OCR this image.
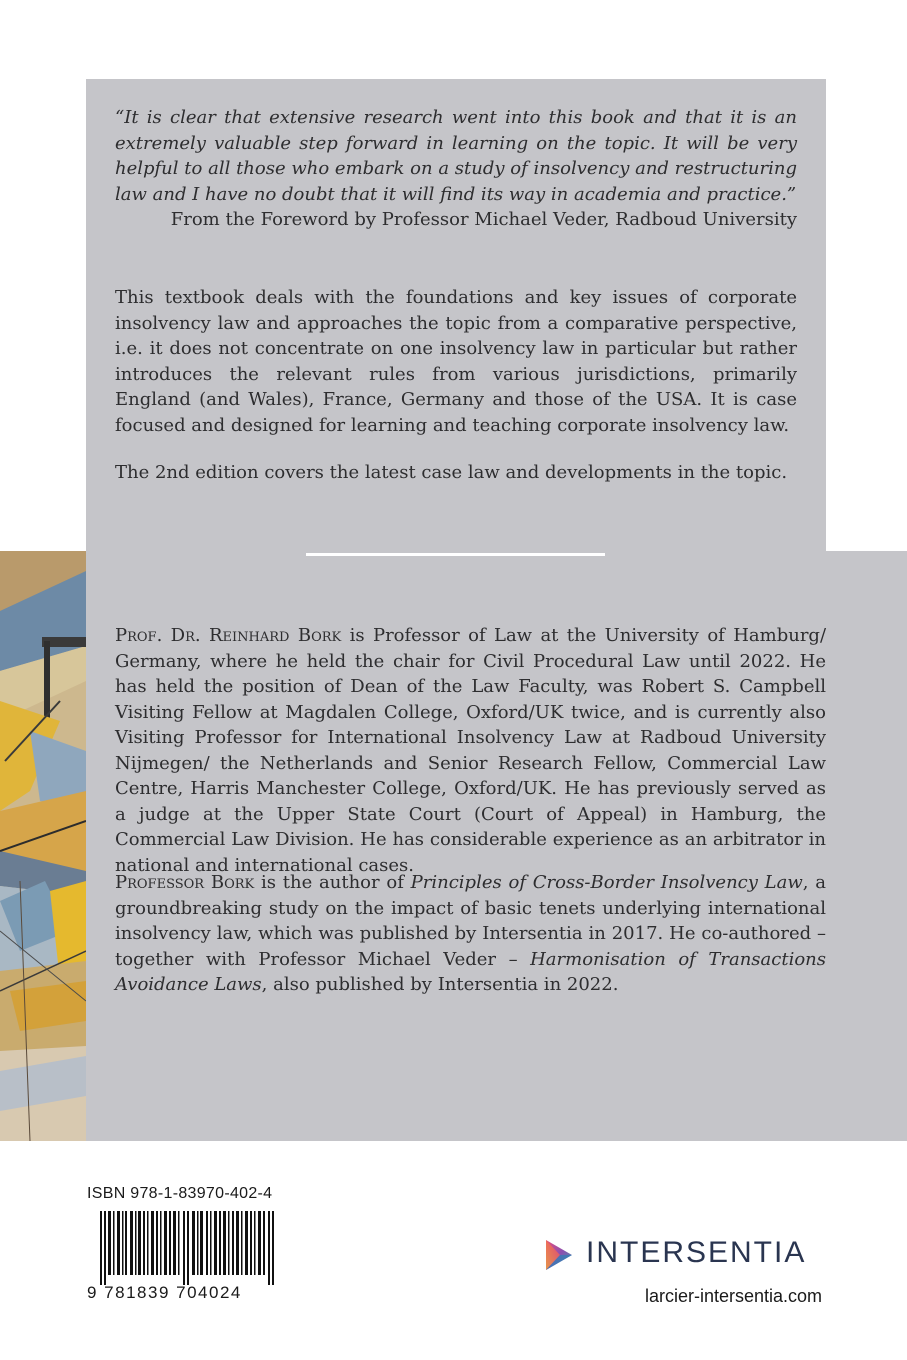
“It is clear that extensive research went into this book and that it is an extremely valuable step forward in learning on the topic. It will be very helpful to all those who embark on a study of insolvency and restructuring law and I have no doubt that it will find its way in academia and practice.”
From the Foreword by Professor Michael Veder, Radboud University
This textbook deals with the foundations and key issues of corporate insolvency law and approaches the topic from a comparative perspective, i.e. it does not concentrate on one insolvency law in particular but rather introduces the relevant rules from various jurisdictions, primarily England (and Wales), France, Germany and those of the USA. It is case focused and designed for learning and teaching corporate insolvency law.
The 2nd edition covers the latest case law and developments in the topic.
Prof. Dr. Reinhard Bork is Professor of Law at the University of Hamburg/ Germany, where he held the chair for Civil Procedural Law until 2022. He has held the position of Dean of the Law Faculty, was Robert S. Campbell Visiting Fellow at Magdalen College, Oxford/UK twice, and is currently also Visiting Professor for International Insolvency Law at Radboud University Nijmegen/ the Netherlands and Senior Research Fellow, Commercial Law Centre, Harris Manchester College, Oxford/UK. He has previously served as a judge at the Upper State Court (Court of Appeal) in Hamburg, the Commercial Law Division. He has considerable experience as an arbitrator in national and international cases.
Professor Bork is the author of Principles of Cross-Border Insolvency Law, a groundbreaking study on the impact of basic tenets underlying international insolvency law, which was published by Intersentia in 2017. He co-authored – together with Professor Michael Veder – Harmonisation of Transactions Avoidance Laws, also published by Intersentia in 2022.
ISBN 978-1-83970-402-4
9 781839 704024
INTERSENTIA
larcier-intersentia.com
